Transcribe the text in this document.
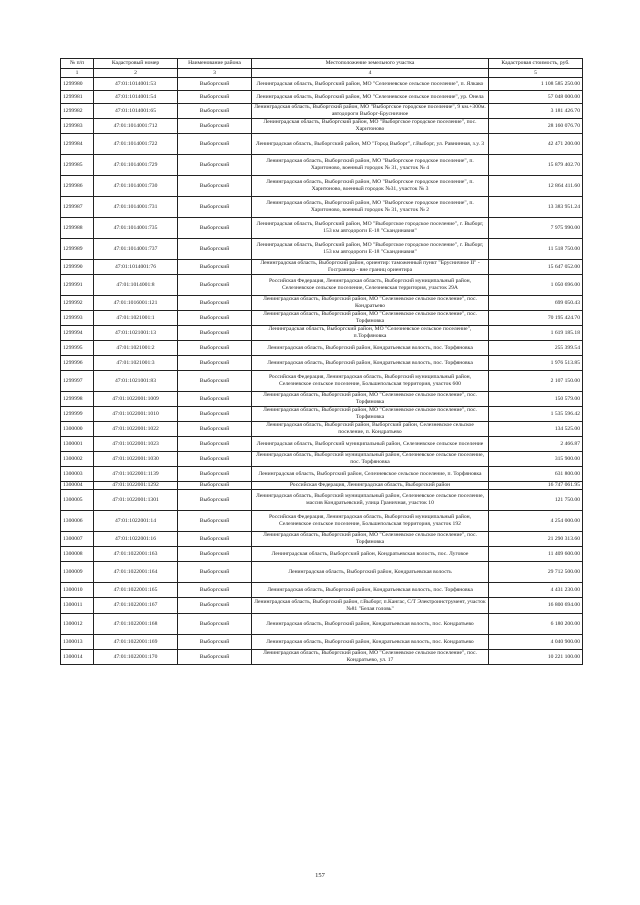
№ п/п	Кадастровый номер	Наименование района	Местоположение земельного участка	Кадастровая стоимость, руб.
1	2	3	4	5
1299980	47:01:1014001:53	Выборгский	Ленинградская область, Выборгский район, МО "Селезневское сельское поселение", п. Ялкако	1 108 585 250.00
1299981	47:01:1014001:54	Выборгский	Ленинградская область, Выборгский район, МО "Селезневское сельское поселение", ур. Онела	57 048 000.00
1299982	47:01:1014001:65	Выборгский	Ленинградская область, Выборгский район, МО "Выборгское городское поселение", 9 км.+300м. автодороги Выборг-Брусничное	3 181 426.70
1299983	47:01:1014001:712	Выборгский	Ленинградская область, Выборгский район, МО "Выборгское городское поселение", пос. Харитоново	28 160 076.70
1299984	47:01:1014001:722	Выборгский	Ленинградская область, Выборгский район, МО "Город Выборг", г.Выборг, ул. Равнинная, з.у. 3	42 471 200.00
1299985	47:01:1014001:729	Выборгский	Ленинградская область, Выборгский район, МО "Выборгское городское поселение", п. Харитоново, военный городок № 31, участок № 4	15 879 402.70
1299986	47:01:1014001:730	Выборгский	Ленинградская область, Выборгский район, МО "Выборгское городское поселение", п. Харитоново, военный городок №31, участок № 3	12 864 411.60
1299987	47:01:1014001:731	Выборгский	Ленинградская область, Выборгский район, МО "Выборгское городское поселение", п. Харитоново, военный городок № 31, участок № 2	13 383 951.24
1299988	47:01:1014001:735	Выборгский	Ленинградская область, Выборгский район, МО "Выборгское городское поселение", г. Выборг, 153 км автодороги Е-18 "Скандинавия"	7 975 990.00
1299989	47:01:1014001:737	Выборгский	Ленинградская область, Выборгский район, МО "Выборгское городское поселение", г. Выборг, 153 км автодороги Е-18 "Скандинавия"	11 518 750.00
1299990	47:01:1014001:76	Выборгский	Ленинградская область, Выборгский район, ориентир: таможенный пункт "Брусничное II" - Госграница - вне границ ориентира	15 647 052.00
1299991	47:01:1014001:8	Выборгский	Российская Федерация, Ленинградская область, Выборгский муниципальный район, Селезневское сельское поселение, Селезневская территория, участок 29А	1 050 696.00
1299992	47:01:1016001:121	Выборгский	Ленинградская область, Выборгский район, МО "Селезневское сельское поселение", пос. Кондратьево	699 050.43
1299993	47:01:1021001:1	Выборгский	Ленинградская область, Выборгский район, МО "Селезневское сельское поселение", пос. Торфяновка	70 195 424.70
1299994	47:01:1021001:13	Выборгский	Ленинградская область, Выборгский район, МО "Селезневское сельское поселение", п.Торфяновка	1 619 185.18
1299995	47:01:1021001:2	Выборгский	Ленинградская область, Выборгский район, Кондратьевская волость, пос. Торфяновка	255 399.54
1299996	47:01:1021001:3	Выборгский	Ленинградская область, Выборгский район, Кондратьевская волость, пос. Торфяновка	1 976 513.85
1299997	47:01:1021001:83	Выборгский	Российская Федерация, Ленинградская область, Выборгский муниципальный район, Селезневское сельское поселение, Большепольская территория, участок 600	2 107 150.00
1299998	47:01:1022001:1009	Выборгский	Ленинградская область, Выборгский район, МО "Селезневское сельское поселение", пос. Торфяновка	150 579.00
1299999	47:01:1022001:1010	Выборгский	Ленинградская область, Выборгский район, МО "Селезневское сельское поселение", пос. Торфяновка	1 535 596.42
1300000	47:01:1022001:1022	Выборгский	Ленинградская область, Выборгский район, Выборгский район, Селезневское сельское поселение, п. Кондратьево	134 525.00
1300001	47:01:1022001:1023	Выборгский	Ленинградская область, Выборгский муниципальный район, Селезневское сельское поселение	2 466.87
1300002	47:01:1022001:1030	Выборгский	Ленинградская область, Выборгский муниципальный район, Селезневское сельское поселение, пос. Торфяновка	315 900.00
1300003	47:01:1022001:1139	Выборгский	Ленинградская область, Выборгский район, Селезневское сельское поселение, п. Торфяновка	631 800.00
1300004	47:01:1022001:1292	Выборгский	Российская Федерация, Ленинградская область, Выборгский район	16 747 061.95
1300005	47:01:1022001:1301	Выборгский	Ленинградская область, Выборгский муниципальный район, Селезневское сельское поселение, массив Кондратьевский, улица Граничная, участок 10	121 750.00
1300006	47:01:1022001:14	Выборгский	Российская Федерация, Ленинградская область, Выборгский муниципальный район, Селезневское сельское поселение, Большепольская территория, участок 192	4 254 000.00
1300007	47:01:1022001:16	Выборгский	Ленинградская область, Выборгский район, МО "Селезневское сельское поселение", пос. Торфяновка	21 290 313.60
1300008	47:01:1022001:163	Выборгский	Ленинградская область, Выборгский район, Кондратьевская волость, пос. Луговое	11 409 600.00
1300009	47:01:1022001:164	Выборгский	Ленинградская область, Выборгский район, Кондратьевская волость	29 712 500.00
1300010	47:01:1022001:165	Выборгский	Ленинградская область, Выборгский район, Кондратьевская волость, пос. Торфяновка	4 431 230.00
1300011	47:01:1022001:167	Выборгский	Ленинградская область, Выборгский район, г.Выборг, п.Кангас, С/Т Электроинструмент, участок №81 "Белая головь"	16 800 694.00
1300012	47:01:1022001:168	Выборгский	Ленинградская область, Выборгский район, Кондратьевская волость, пос. Кондратьево	6 180 200.00
1300013	47:01:1022001:169	Выборгский	Ленинградская область, Выборгский район, Кондратьевская волость, пос. Кондратьево	4 040 900.00
1300014	47:01:1022001:170	Выборгский	Ленинградская область, Выборгский район, МО "Селезневское сельское поселение", пос. Кондратьево, ул. 17	10 221 100.00
157
